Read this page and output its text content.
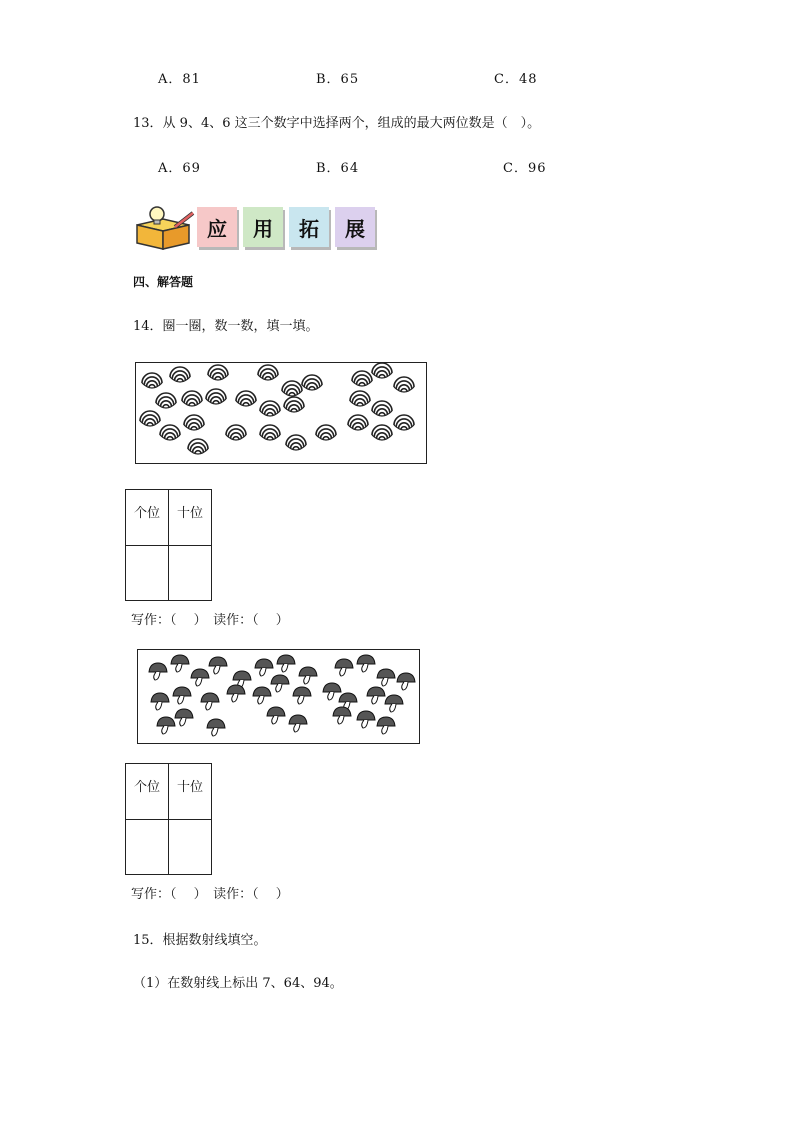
A．81	B．65	C．48
13．从 9、4、6 这三个数字中选择两个，组成的最大两位数是（　）。
A．69	B．64	C．96
应	用	拓	展
四、解答题
14．圈一圈，数一数，填一填。
个位	十位

写作：（　 ）　读作：（　 ）
个位	十位

写作：（　 ）　读作：（　 ）
15．根据数射线填空。
（1）在数射线上标出 7、64、94。
